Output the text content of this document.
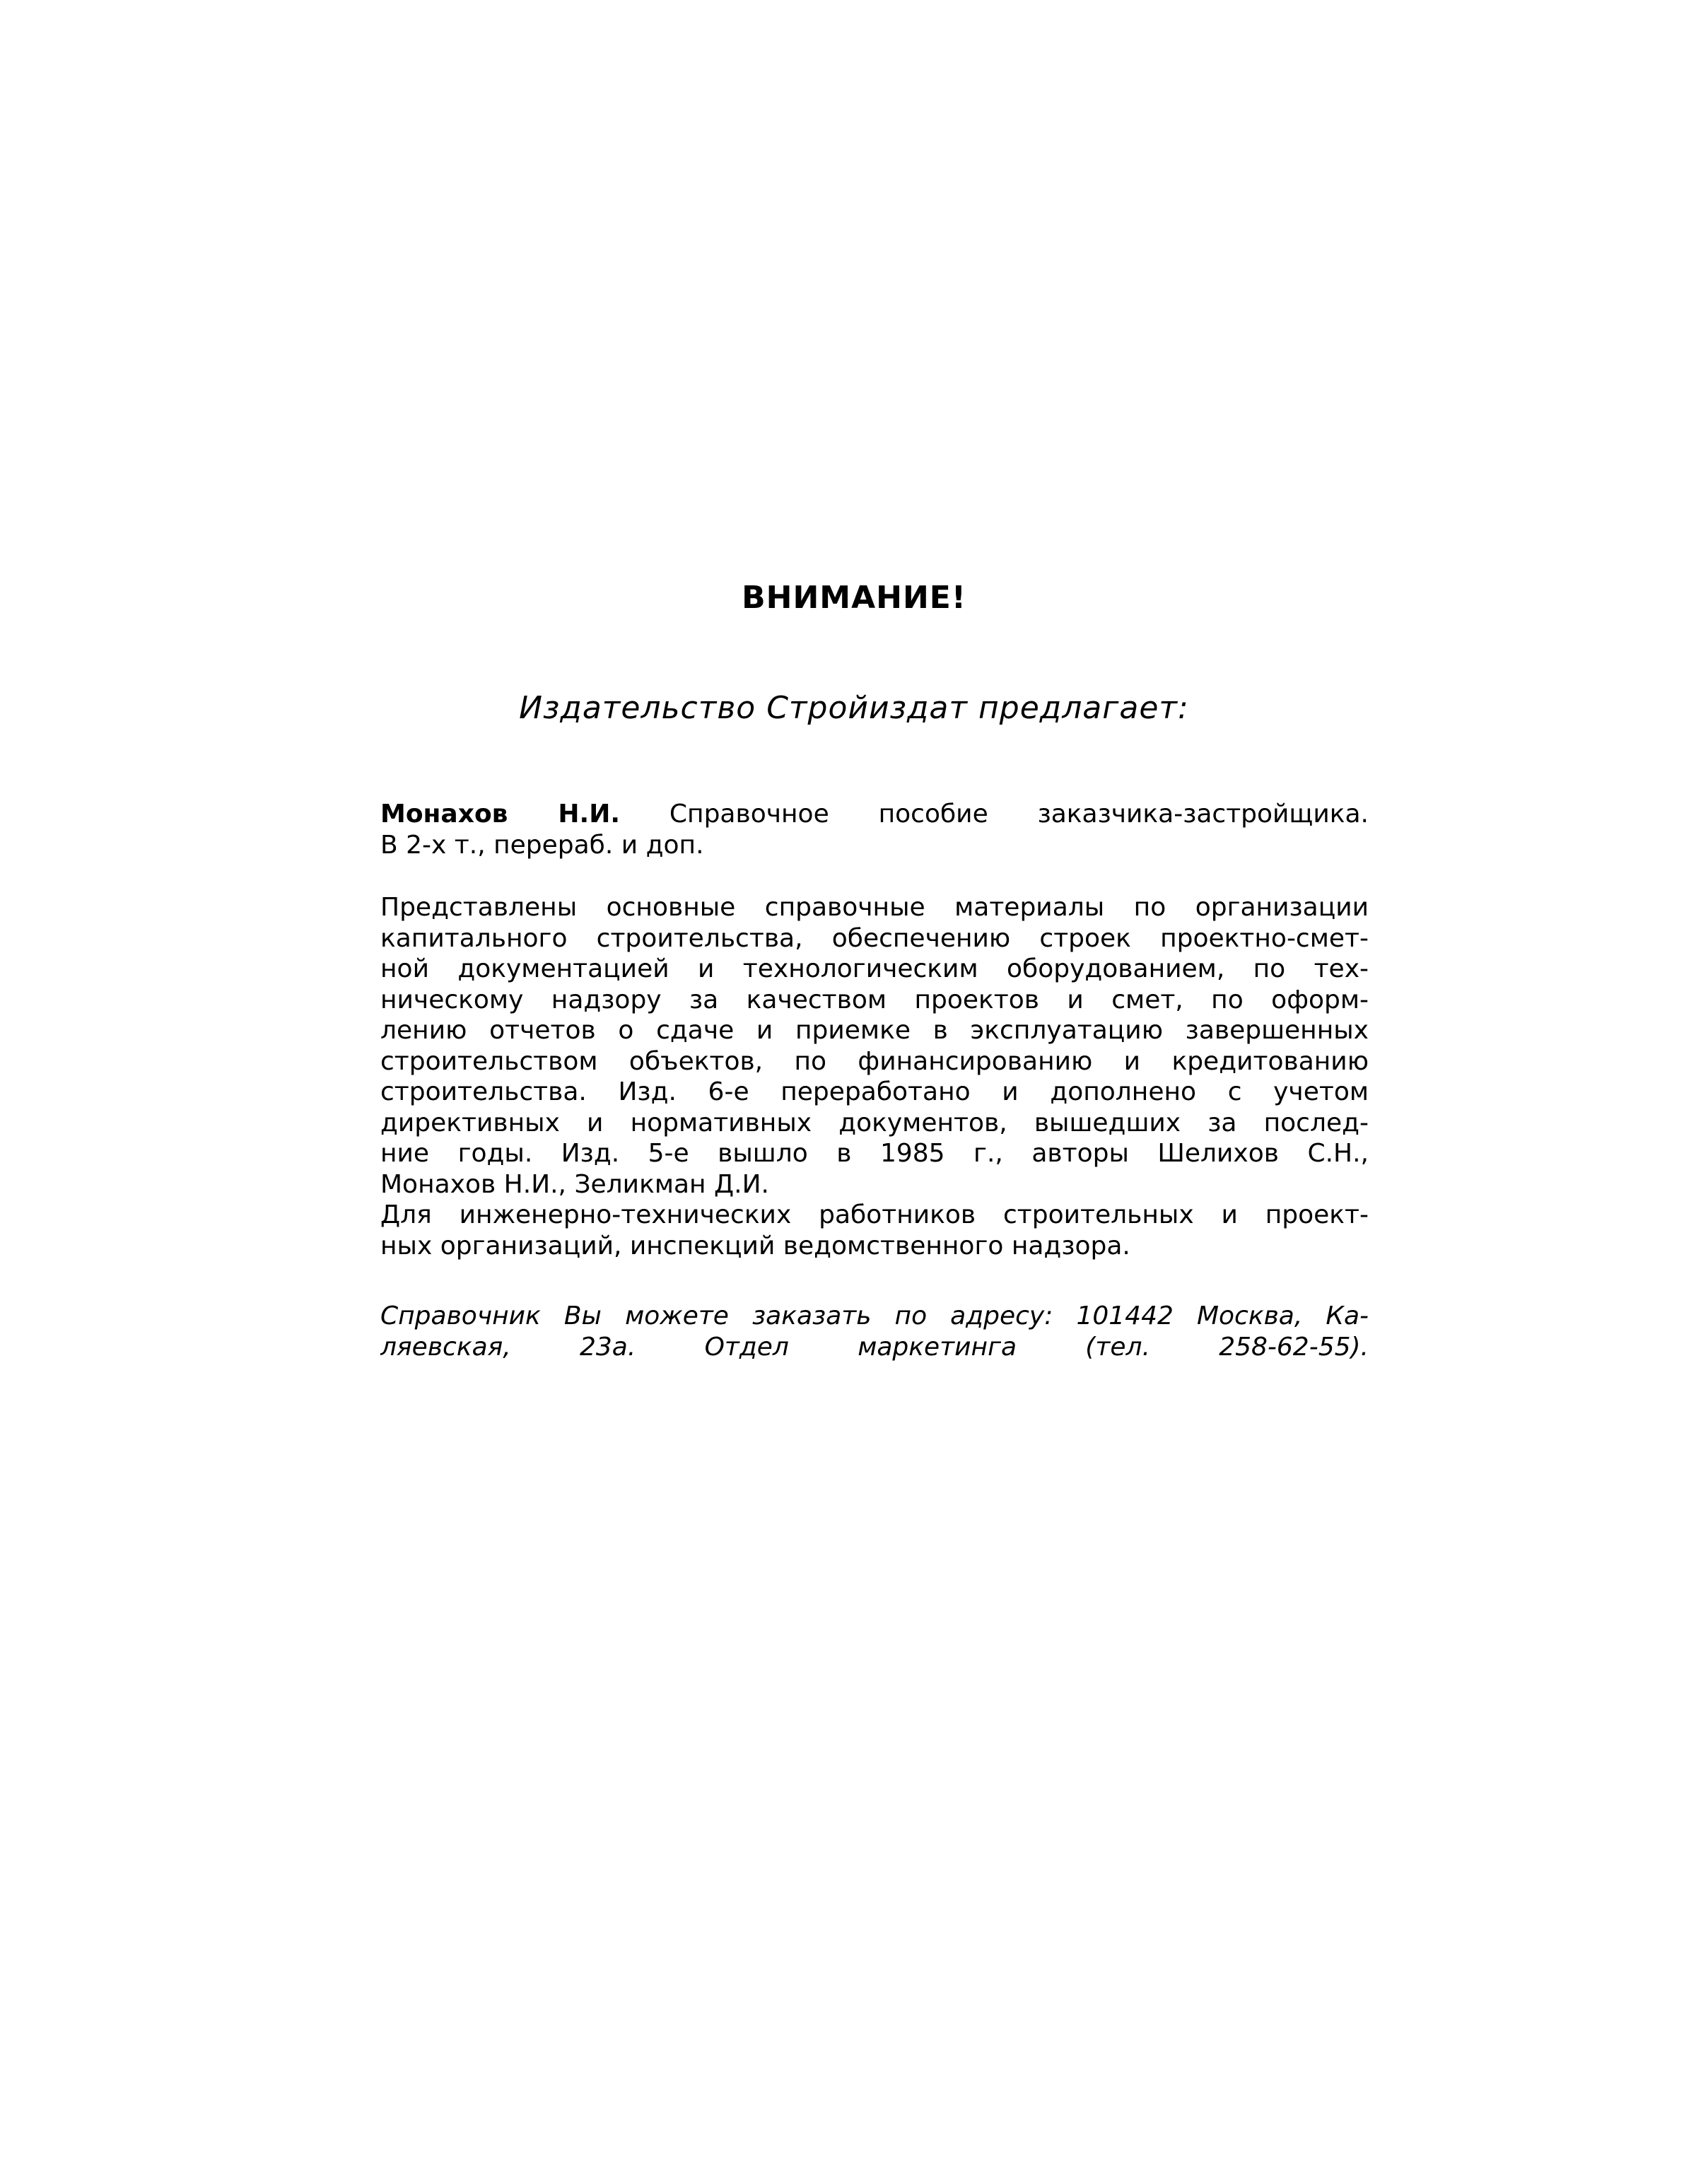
ВНИМАНИЕ!
Издательство Стройиздат предлагает:
Монахов Н.И. Справочное пособие заказчика-застройщика.
В 2-х т., перераб. и доп.
Представлены основные справочные материалы по организации
капитального строительства, обеспечению строек проектно-смет-
ной документацией и технологическим оборудованием, по тех-
ническому надзору за качеством проектов и смет, по оформ-
лению отчетов о сдаче и приемке в эксплуатацию завершенных
строительством объектов, по финансированию и кредитованию
строительства. Изд. 6-е переработано и дополнено с учетом
директивных и нормативных документов, вышедших за послед-
ние годы. Изд. 5-е вышло в 1985 г., авторы Шелихов С.Н.,
Монахов Н.И., Зеликман Д.И.
Для инженерно-технических работников строительных и проект-
ных организаций, инспекций ведомственного надзора.
Справочник Вы можете заказать по адресу: 101442 Москва, Ка-
ляевская, 23а. Отдел маркетинга (тел. 258-62-55).
